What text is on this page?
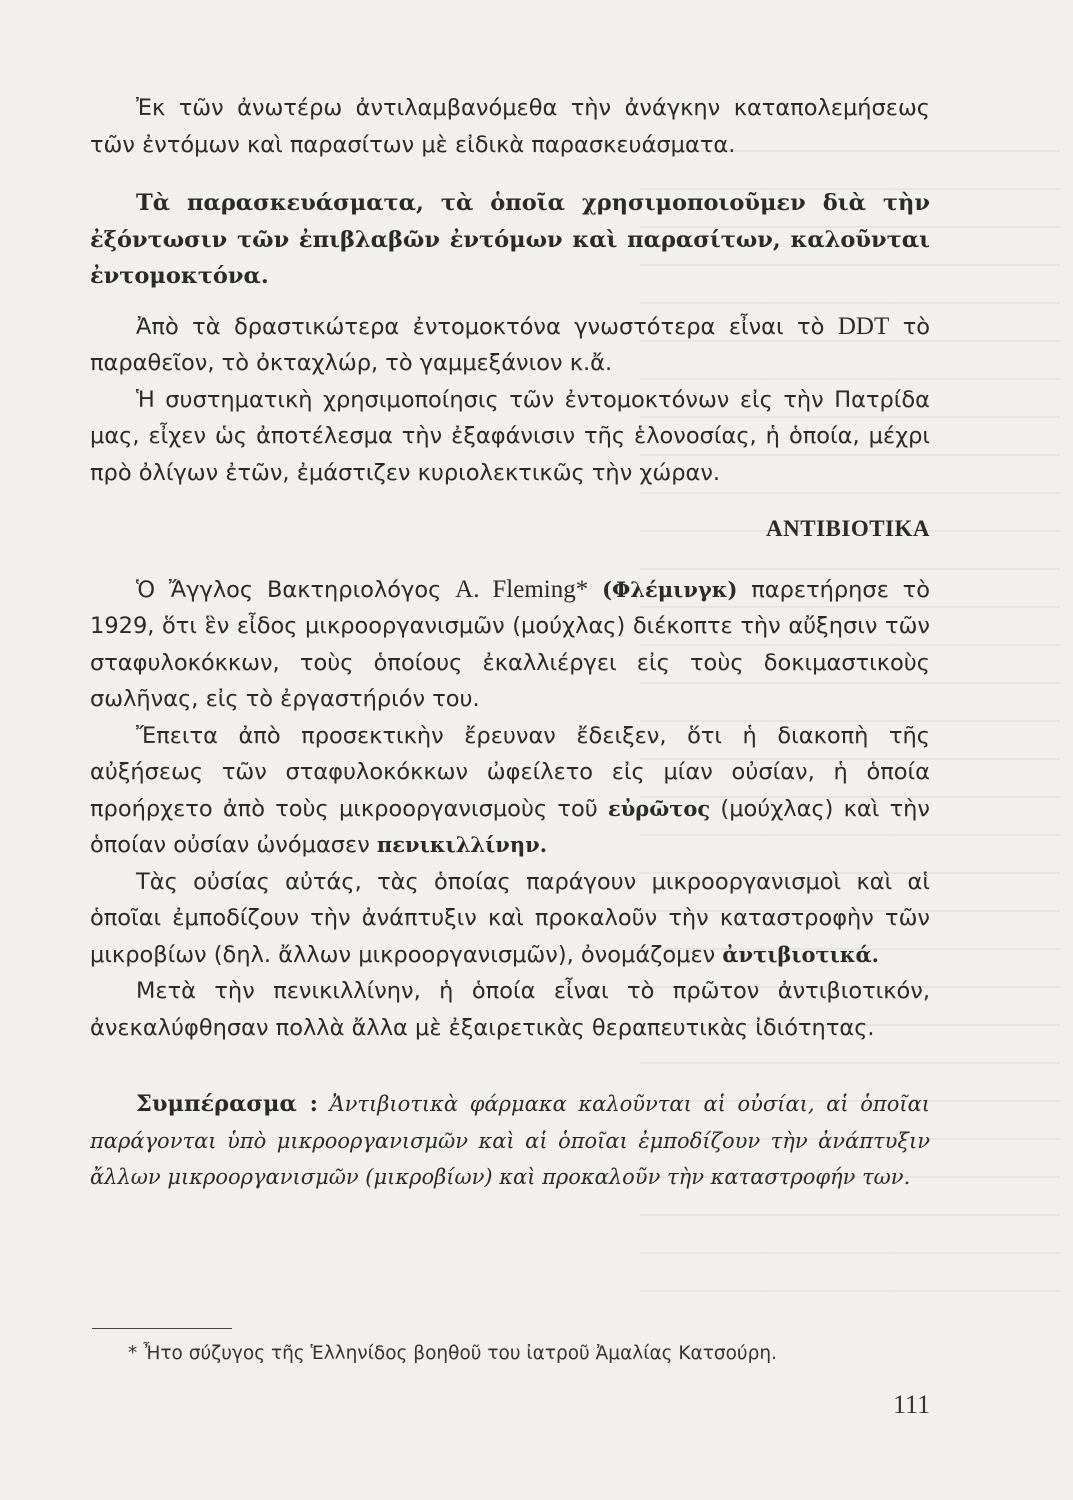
Ἐκ τῶν ἀνωτέρω ἀντιλαμβανόμεθα τὴν ἀνάγκην καταπολεμήσεως τῶν ἐντόμων καὶ παρασίτων μὲ εἰδικὰ παρασκευάσματα.

Τὰ παρασκευάσματα, τὰ ὁποῖα χρησιμοποιοῦμεν διὰ τὴν ἐξόντωσιν τῶν ἐπιβλαβῶν ἐντόμων καὶ παρασίτων, καλοῦνται ἐντομοκτόνα.

Ἀπὸ τὰ δραστικώτερα ἐντομοκτόνα γνωστότερα εἶναι τὸ DDT τὸ παραθεῖον, τὸ ὀκταχλώρ, τὸ γαμμεξάνιον κ.ἄ.

Ἡ συστηματικὴ χρησιμοποίησις τῶν ἐντομοκτόνων εἰς τὴν Πατρίδα μας, εἶχεν ὡς ἀποτέλεσμα τὴν ἐξαφάνισιν τῆς ἑλονοσίας, ἡ ὁποία, μέχρι πρὸ ὀλίγων ἐτῶν, ἐμάστιζεν κυριολεκτικῶς τὴν χώραν.

ΑΝΤΙΒΙΟΤΙΚΑ

Ὁ Ἄγγλος Βακτηριολόγος A. Fleming* (Φλέμινγκ) παρετήρησε τὸ 1929, ὅτι ἓν εἶδος μικροοργανισμῶν (μούχλας) διέκοπτε τὴν αὔξησιν τῶν σταφυλοκόκκων, τοὺς ὁποίους ἐκαλλιέργει εἰς τοὺς δοκιμαστικοὺς σωλῆνας, εἰς τὸ ἐργαστήριόν του.

Ἔπειτα ἀπὸ προσεκτικὴν ἔρευναν ἔδειξεν, ὅτι ἡ διακοπὴ τῆς αὐξήσεως τῶν σταφυλοκόκκων ὠφείλετο εἰς μίαν οὐσίαν, ἡ ὁποία προήρχετο ἀπὸ τοὺς μικροοργανισμοὺς τοῦ εὐρῶτος (μούχλας) καὶ τὴν ὁποίαν οὐσίαν ὠνόμασεν πενικιλλίνην.

Τὰς οὐσίας αὐτάς, τὰς ὁποίας παράγουν μικροοργανισμοὶ καὶ αἱ ὁποῖαι ἐμποδίζουν τὴν ἀνάπτυξιν καὶ προκαλοῦν τὴν καταστροφὴν τῶν μικροβίων (δηλ. ἄλλων μικροοργανισμῶν), ὀνομάζομεν ἀντιβιοτικά.

Μετὰ τὴν πενικιλλίνην, ἡ ὁποία εἶναι τὸ πρῶτον ἀντιβιοτικόν, ἀνεκαλύφθησαν πολλὰ ἄλλα μὲ ἐξαιρετικὰς θεραπευτικὰς ἰδιότητας.

Συμπέρασμα : Ἀντιβιοτικὰ φάρμακα καλοῦνται αἱ οὐσίαι, αἱ ὁποῖαι παράγονται ὑπὸ μικροοργανισμῶν καὶ αἱ ὁποῖαι ἐμποδίζουν τὴν ἀνάπτυξιν ἄλλων μικροοργανισμῶν (μικροβίων) καὶ προκαλοῦν τὴν καταστροφήν των.

* Ἦτο σύζυγος τῆς Ἑλληνίδος βοηθοῦ του ἰατροῦ Ἀμαλίας Κατσούρη.
111
